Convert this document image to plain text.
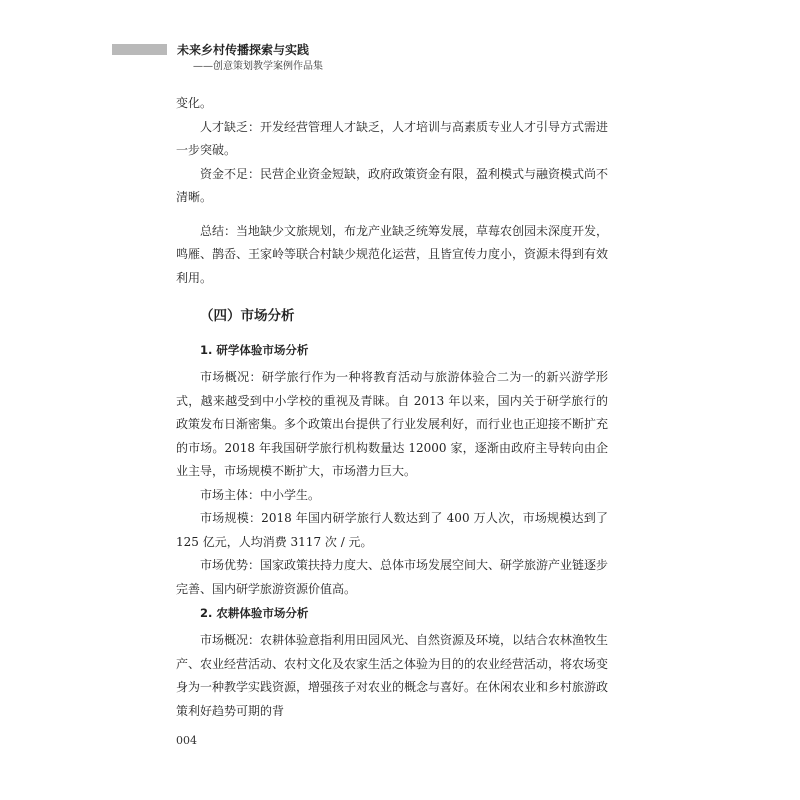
未来乡村传播探索与实践
——创意策划教学案例作品集

变化。

人才缺乏：开发经营管理人才缺乏，人才培训与高素质专业人才引导方式需进一步突破。

资金不足：民营企业资金短缺，政府政策资金有限，盈利模式与融资模式尚不清晰。

总结：当地缺少文旅规划，布龙产业缺乏统筹发展，草莓农创园未深度开发，鸣雁、鹊岙、王家岭等联合村缺少规范化运营，且皆宣传力度小，资源未得到有效利用。

（四）市场分析
1. 研学体验市场分析

市场概况：研学旅行作为一种将教育活动与旅游体验合二为一的新兴游学形式，越来越受到中小学校的重视及青睐。自 2013 年以来，国内关于研学旅行的政策发布日渐密集。多个政策出台提供了行业发展利好，而行业也正迎接不断扩充的市场。2018 年我国研学旅行机构数量达 12000 家，逐渐由政府主导转向由企业主导，市场规模不断扩大，市场潜力巨大。

市场主体：中小学生。

市场规模：2018 年国内研学旅行人数达到了 400 万人次，市场规模达到了 125 亿元，人均消费 3117 次 / 元。

市场优势：国家政策扶持力度大、总体市场发展空间大、研学旅游产业链逐步完善、国内研学旅游资源价值高。

2. 农耕体验市场分析

市场概况：农耕体验意指利用田园风光、自然资源及环境，以结合农林渔牧生产、农业经营活动、农村文化及农家生活之体验为目的的农业经营活动，将农场变身为一种教学实践资源，增强孩子对农业的概念与喜好。在休闲农业和乡村旅游政策利好趋势可期的背

004
